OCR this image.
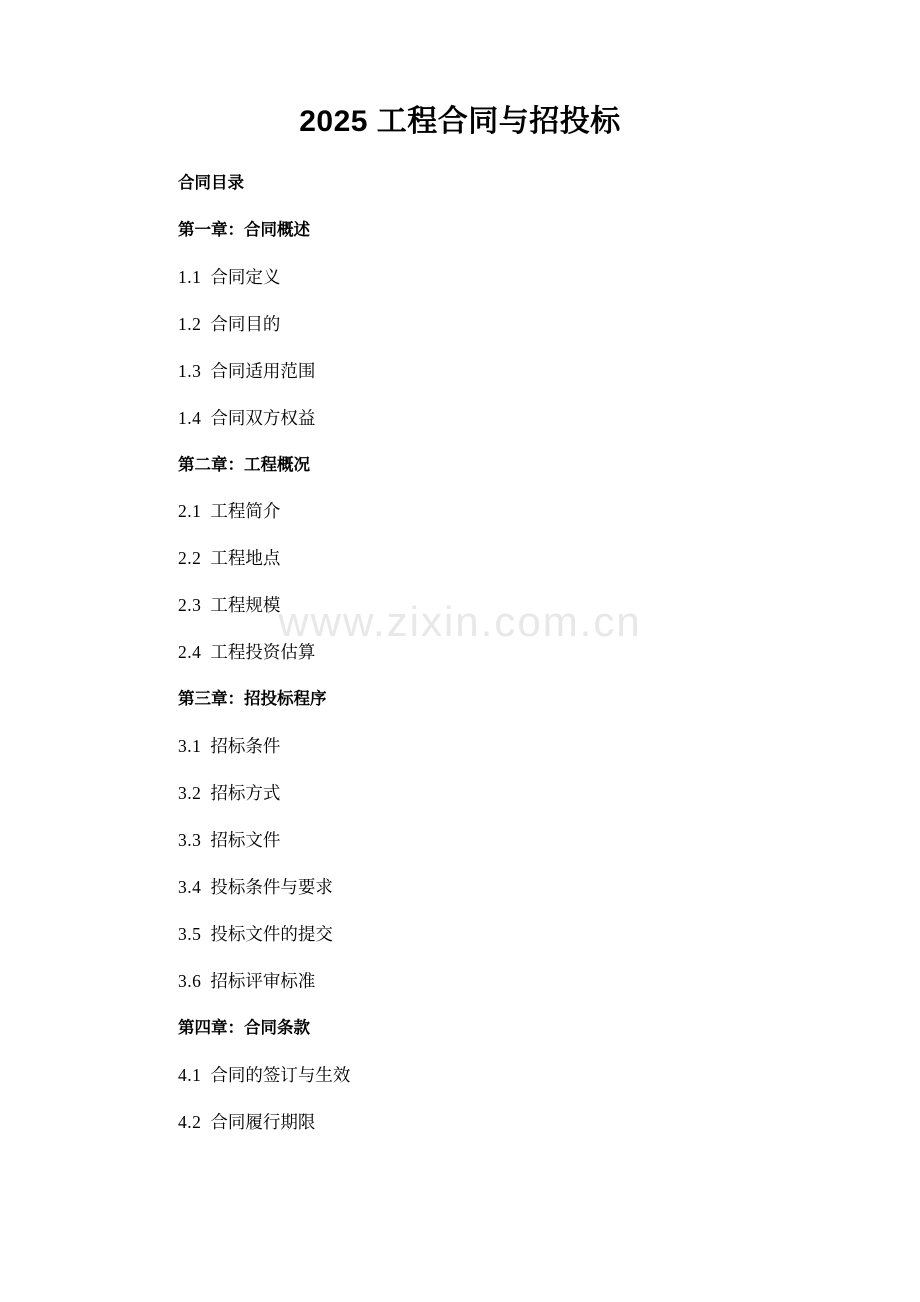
www.zixin.com.cn
2025 工程合同与招投标
合同目录
第一章：合同概述
1.1 合同定义
1.2 合同目的
1.3 合同适用范围
1.4 合同双方权益
第二章：工程概况
2.1 工程简介
2.2 工程地点
2.3 工程规模
2.4 工程投资估算
第三章：招投标程序
3.1 招标条件
3.2 招标方式
3.3 招标文件
3.4 投标条件与要求
3.5 投标文件的提交
3.6 招标评审标准
第四章：合同条款
4.1 合同的签订与生效
4.2 合同履行期限
